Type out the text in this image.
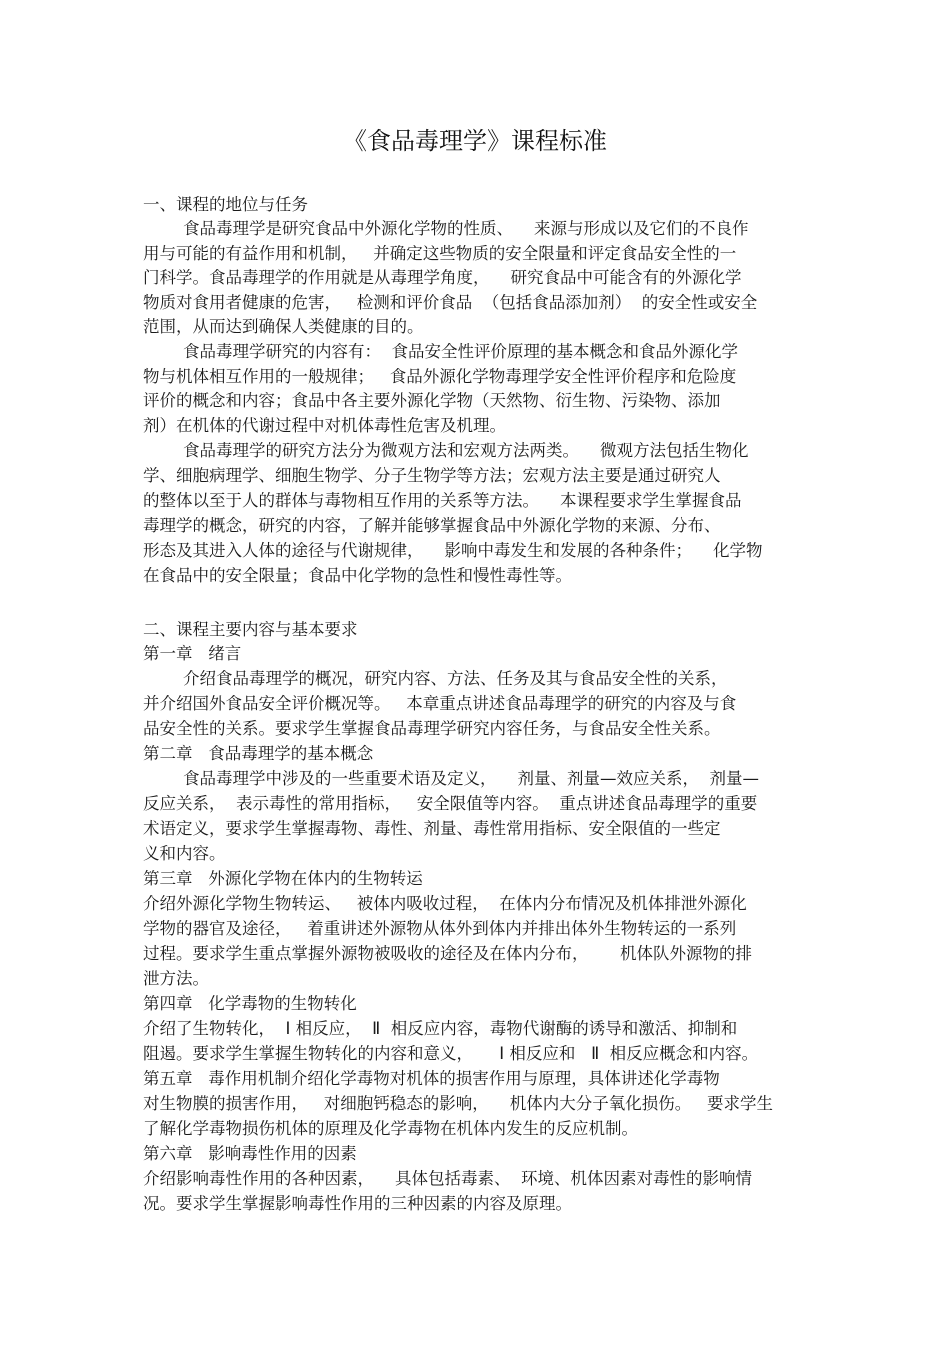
《食品毒理学》课程标准
一、课程的地位与任务
食品毒理学是研究食品中外源化学物的性质、    来源与形成以及它们的不良作
用与可能的有益作用和机制，   并确定这些物质的安全限量和评定食品安全性的一
门科学。食品毒理学的作用就是从毒理学角度，    研究食品中可能含有的外源化学
物质对食用者健康的危害，   检测和评价食品  （包括食品添加剂）  的安全性或安全
范围，从而达到确保人类健康的目的。
食品毒理学研究的内容有：  食品安全性评价原理的基本概念和食品外源化学
物与机体相互作用的一般规律；   食品外源化学物毒理学安全性评价程序和危险度
评价的概念和内容；食品中各主要外源化学物（天然物、衍生物、污染物、添加
剂）在机体的代谢过程中对机体毒性危害及机理。
食品毒理学的研究方法分为微观方法和宏观方法两类。    微观方法包括生物化
学、细胞病理学、细胞生物学、分子生物学等方法；宏观方法主要是通过研究人
的整体以至于人的群体与毒物相互作用的关系等方法。    本课程要求学生掌握食品
毒理学的概念，研究的内容，了解并能够掌握食品中外源化学物的来源、分布、
形态及其进入人体的途径与代谢规律，    影响中毒发生和发展的各种条件；    化学物
在食品中的安全限量；食品中化学物的急性和慢性毒性等。
二、课程主要内容与基本要求
第一章   绪言
介绍食品毒理学的概况，研究内容、方法、任务及其与食品安全性的关系，
并介绍国外食品安全评价概况等。   本章重点讲述食品毒理学的研究的内容及与食
品安全性的关系。要求学生掌握食品毒理学研究内容任务，与食品安全性关系。
第二章   食品毒理学的基本概念
食品毒理学中涉及的一些重要术语及定义，    剂量、剂量—效应关系，  剂量—
反应关系，  表示毒性的常用指标，   安全限值等内容。  重点讲述食品毒理学的重要
术语定义，要求学生掌握毒物、毒性、剂量、毒性常用指标、安全限值的一些定
义和内容。
第三章   外源化学物在体内的生物转运
介绍外源化学物生物转运、   被体内吸收过程，  在体内分布情况及机体排泄外源化
学物的器官及途径，   着重讲述外源物从体外到体内并排出体外生物转运的一系列
过程。要求学生重点掌握外源物被吸收的途径及在体内分布，      机体队外源物的排
泄方法。
第四章   化学毒物的生物转化
介绍了生物转化，  Ⅰ 相反应，  Ⅱ  相反应内容，毒物代谢酶的诱导和激活、抑制和
阻遏。要求学生掌握生物转化的内容和意义，     Ⅰ 相反应和   Ⅱ  相反应概念和内容。
第五章   毒作用机制介绍化学毒物对机体的损害作用与原理，具体讲述化学毒物
对生物膜的损害作用，   对细胞钙稳态的影响，    机体内大分子氧化损伤。   要求学生
了解化学毒物损伤机体的原理及化学毒物在机体内发生的反应机制。
第六章   影响毒性作用的因素
介绍影响毒性作用的各种因素，    具体包括毒素、  环境、机体因素对毒性的影响情
况。要求学生掌握影响毒性作用的三种因素的内容及原理。
